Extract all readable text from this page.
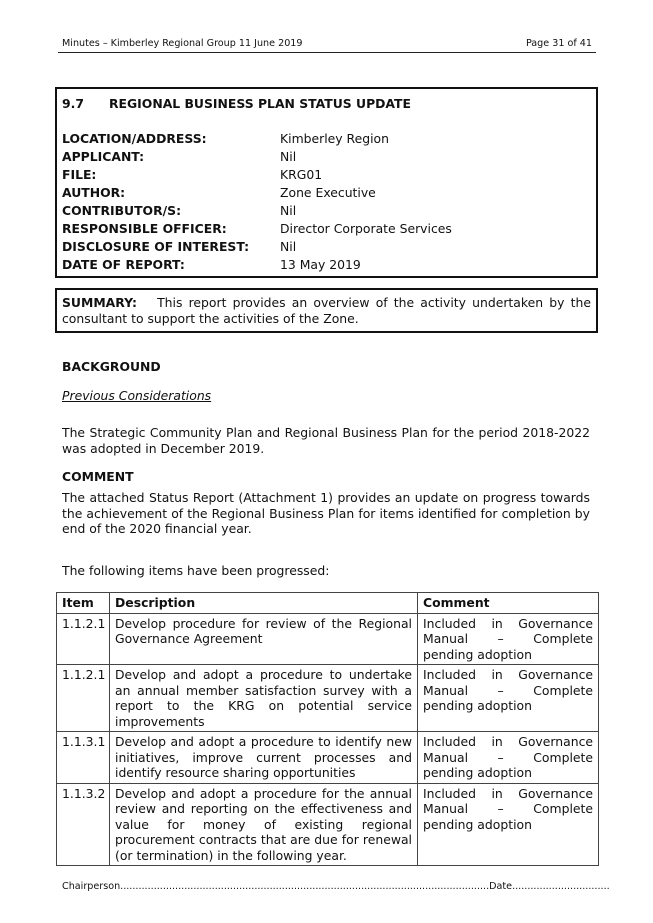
Minutes – Kimberley Regional Group 11 June 2019	Page 31 of 41
9.7 REGIONAL BUSINESS PLAN STATUS UPDATE
LOCATION/ADDRESS:	Kimberley Region
APPLICANT:	Nil
FILE:	KRG01
AUTHOR:	Zone Executive
CONTRIBUTOR/S:	Nil
RESPONSIBLE OFFICER:	Director Corporate Services
DISCLOSURE OF INTEREST: Nil
DATE OF REPORT:	13 May 2019
SUMMARY: This report provides an overview of the activity undertaken by the
consultant to support the activities of the Zone.
BACKGROUND
Previous Considerations
The Strategic Community Plan and Regional Business Plan for the period 2018-2022 was adopted in December 2019.
COMMENT
The attached Status Report (Attachment 1) provides an update on progress towards the achievement of the Regional Business Plan for items identified for completion by end of the 2020 financial year.
The following items have been progressed:
Item	Description	Comment
1.1.2.1	Develop procedure for review of the Regional Governance Agreement	Included in Governance Manual – Complete pending adoption
1.1.2.1	Develop and adopt a procedure to undertake an annual member satisfaction survey with a report to the KRG on potential service improvements	Included in Governance Manual – Complete pending adoption
1.1.3.1	Develop and adopt a procedure to identify new initiatives, improve current processes and identify resource sharing opportunities	Included in Governance Manual – Complete pending adoption
1.1.3.2	Develop and adopt a procedure for the annual review and reporting on the effectiveness and value for money of existing regional procurement contracts that are due for renewal (or termination) in the following year.	Included in Governance Manual – Complete pending adoption
Chairperson.........................................................................................................................Date................................
